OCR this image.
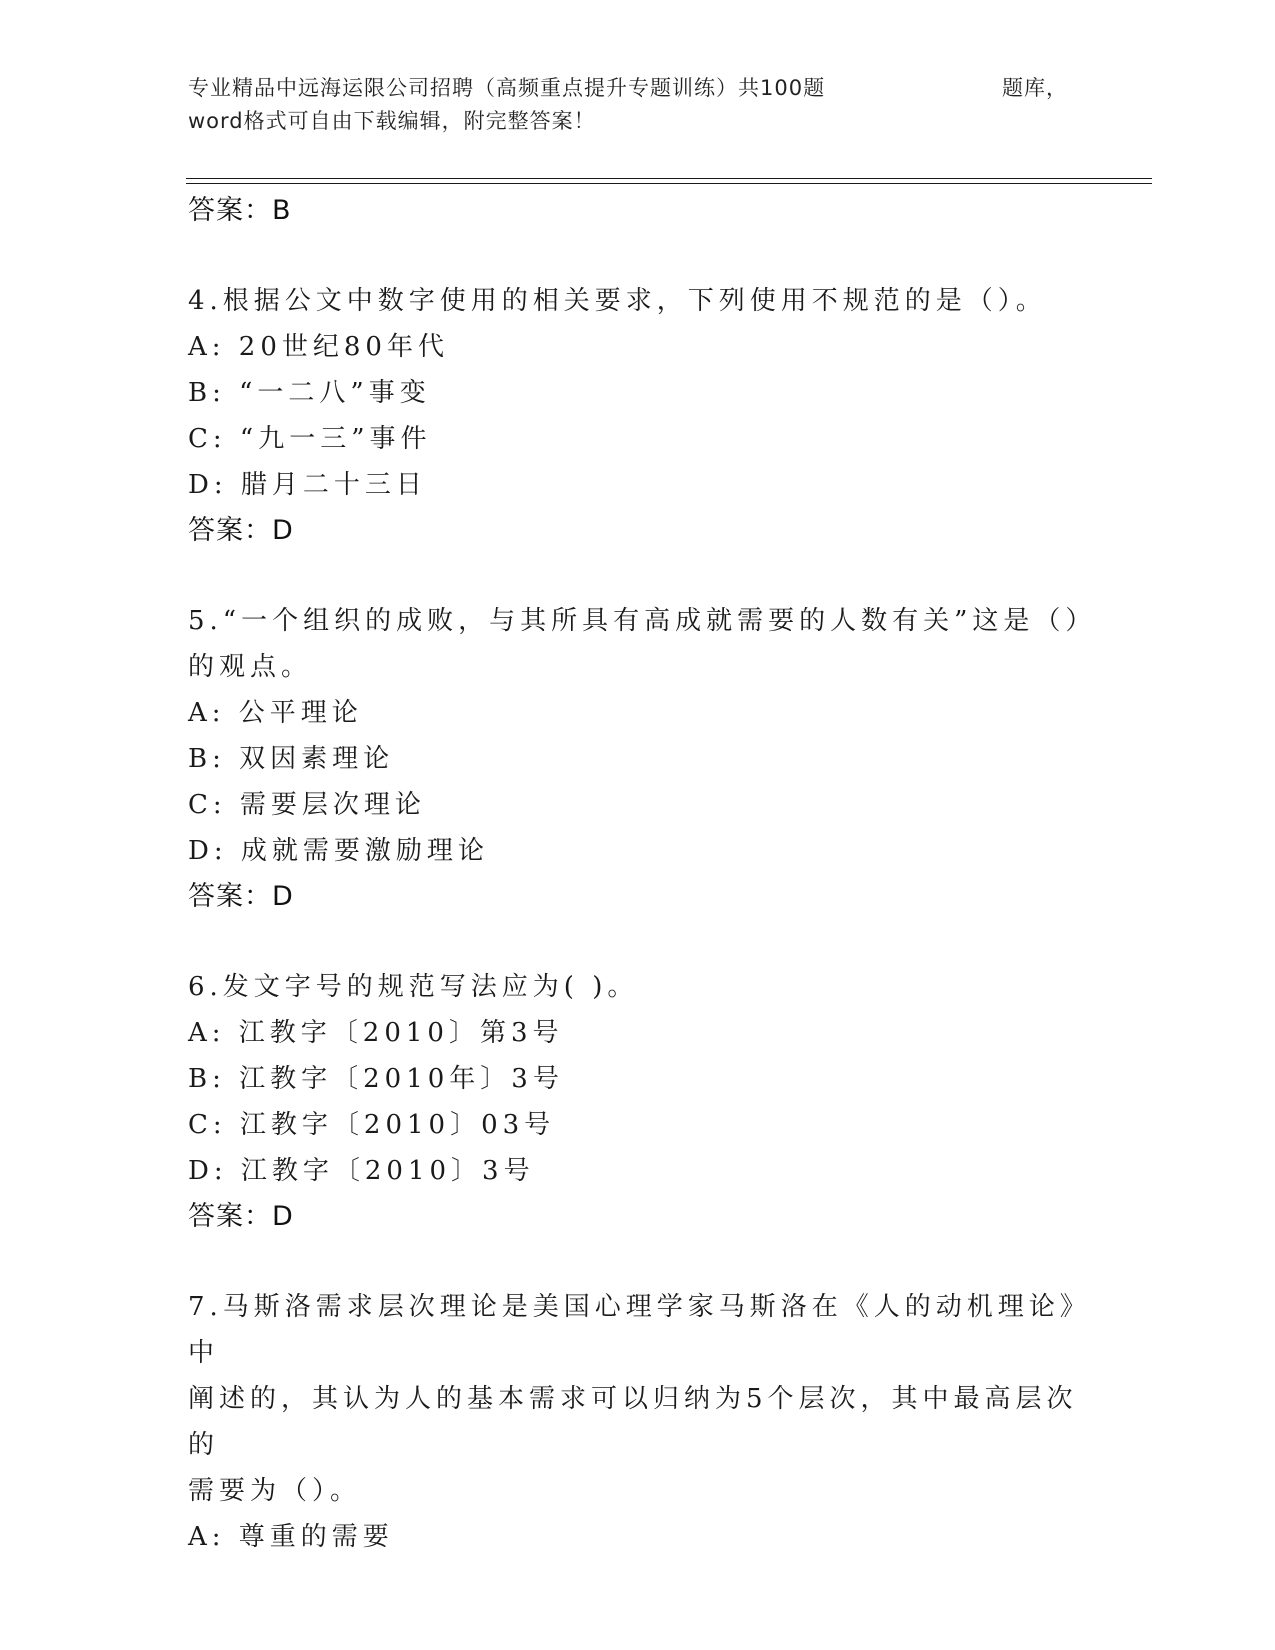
专业精品中远海运限公司招聘（高频重点提升专题训练）共100题	题库，
word格式可自由下载编辑，附完整答案！
答案：B
4.根据公文中数字使用的相关要求，下列使用不规范的是（）。
A: 20世纪80年代
B: “一二八”事变
C: “九一三”事件
D: 腊月二十三日
答案：D
5.“一个组织的成败，与其所具有高成就需要的人数有关”这是（）
的观点。
A: 公平理论
B: 双因素理论
C: 需要层次理论
D: 成就需要激励理论
答案：D
6.发文字号的规范写法应为( )。
A: 江教字〔2010〕第3号
B: 江教字〔2010年〕3号
C: 江教字〔2010〕03号
D: 江教字〔2010〕3号
答案：D
7.马斯洛需求层次理论是美国心理学家马斯洛在《人的动机理论》中
阐述的，其认为人的基本需求可以归纳为5个层次，其中最高层次的
需要为（）。
A: 尊重的需要
